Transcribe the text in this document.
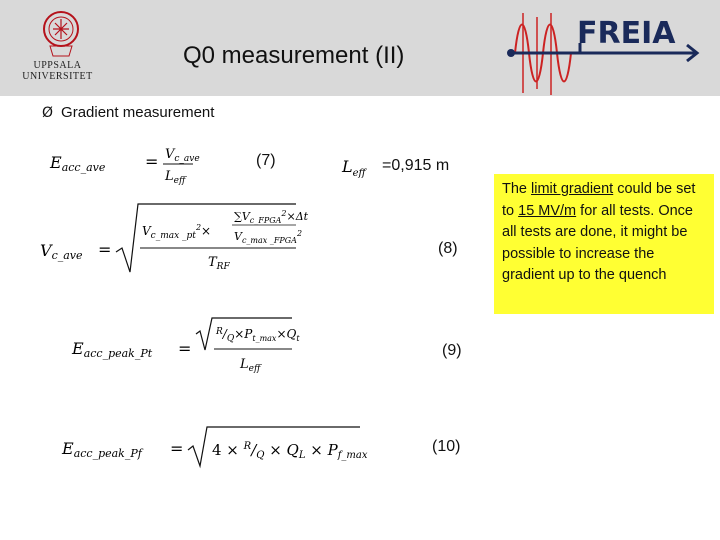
UPPSALA
UNIVERSITET
Q0 measurement (II)
FREIA
Ø Gradient measurement
Eacc_ave = $V_{c\_ave}$
$L_{eff}$
(7)	$L_{eff} =0,915$ m
Vc_ave =
$V_{c\_max \_pt}^2\times$
$\sum V_{c\_FPGA}^2\times\Delta t$
$V_{c\_max \_FPGA}^2$
$T_{RF}$
(8)
Eacc_peak_Pt =
$^R/_Q\times P_{t\_max}\times Q_t$
$L_{eff}$
(9)
Eacc_peak_Pf = $4 \times ^R/_Q \times Q_L \times P_{f\_max}$
(10)
The limit gradient could be set to 15 MV/m for all tests. Once all tests are done, it might be possible to increase the gradient up to the quench
